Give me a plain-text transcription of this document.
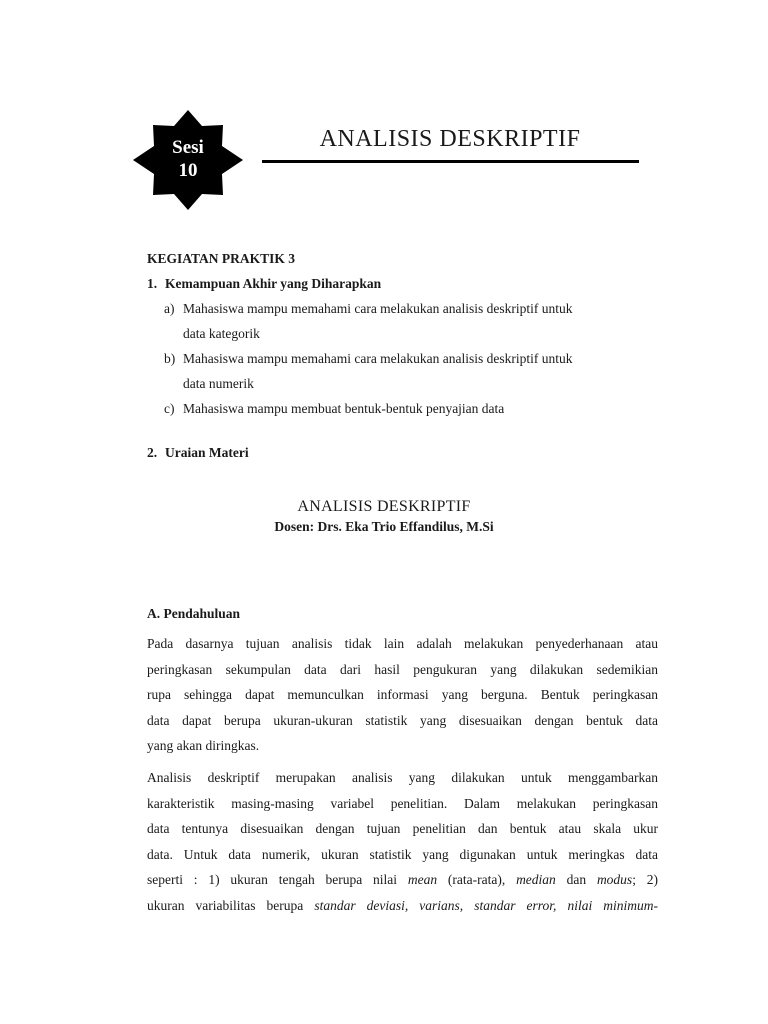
Sesi
10
ANALISIS DESKRIPTIF
KEGIATAN PRAKTIK 3
1. Kemampuan Akhir yang Diharapkan
a) Mahasiswa mampu memahami cara melakukan analisis deskriptif untuk
data kategorik
b) Mahasiswa mampu memahami cara melakukan analisis deskriptif untuk
data numerik
c) Mahasiswa mampu membuat bentuk-bentuk penyajian data
2. Uraian Materi
ANALISIS DESKRIPTIF
Dosen: Drs. Eka Trio Effandilus, M.Si
A. Pendahuluan
Pada dasarnya tujuan analisis tidak lain adalah melakukan penyederhanaan atau
peringkasan sekumpulan data dari hasil pengukuran yang dilakukan sedemikian
rupa sehingga dapat memunculkan informasi yang berguna. Bentuk peringkasan
data dapat berupa ukuran-ukuran statistik yang disesuaikan dengan bentuk data
yang akan diringkas.
Analisis deskriptif merupakan analisis yang dilakukan untuk menggambarkan
karakteristik masing-masing variabel penelitian. Dalam melakukan peringkasan
data tentunya disesuaikan dengan tujuan penelitian dan bentuk atau skala ukur
data. Untuk data numerik, ukuran statistik yang digunakan untuk meringkas data
seperti : 1) ukuran tengah berupa nilai mean (rata-rata), median dan modus; 2)
ukuran variabilitas berupa standar deviasi, varians, standar error, nilai minimum-
